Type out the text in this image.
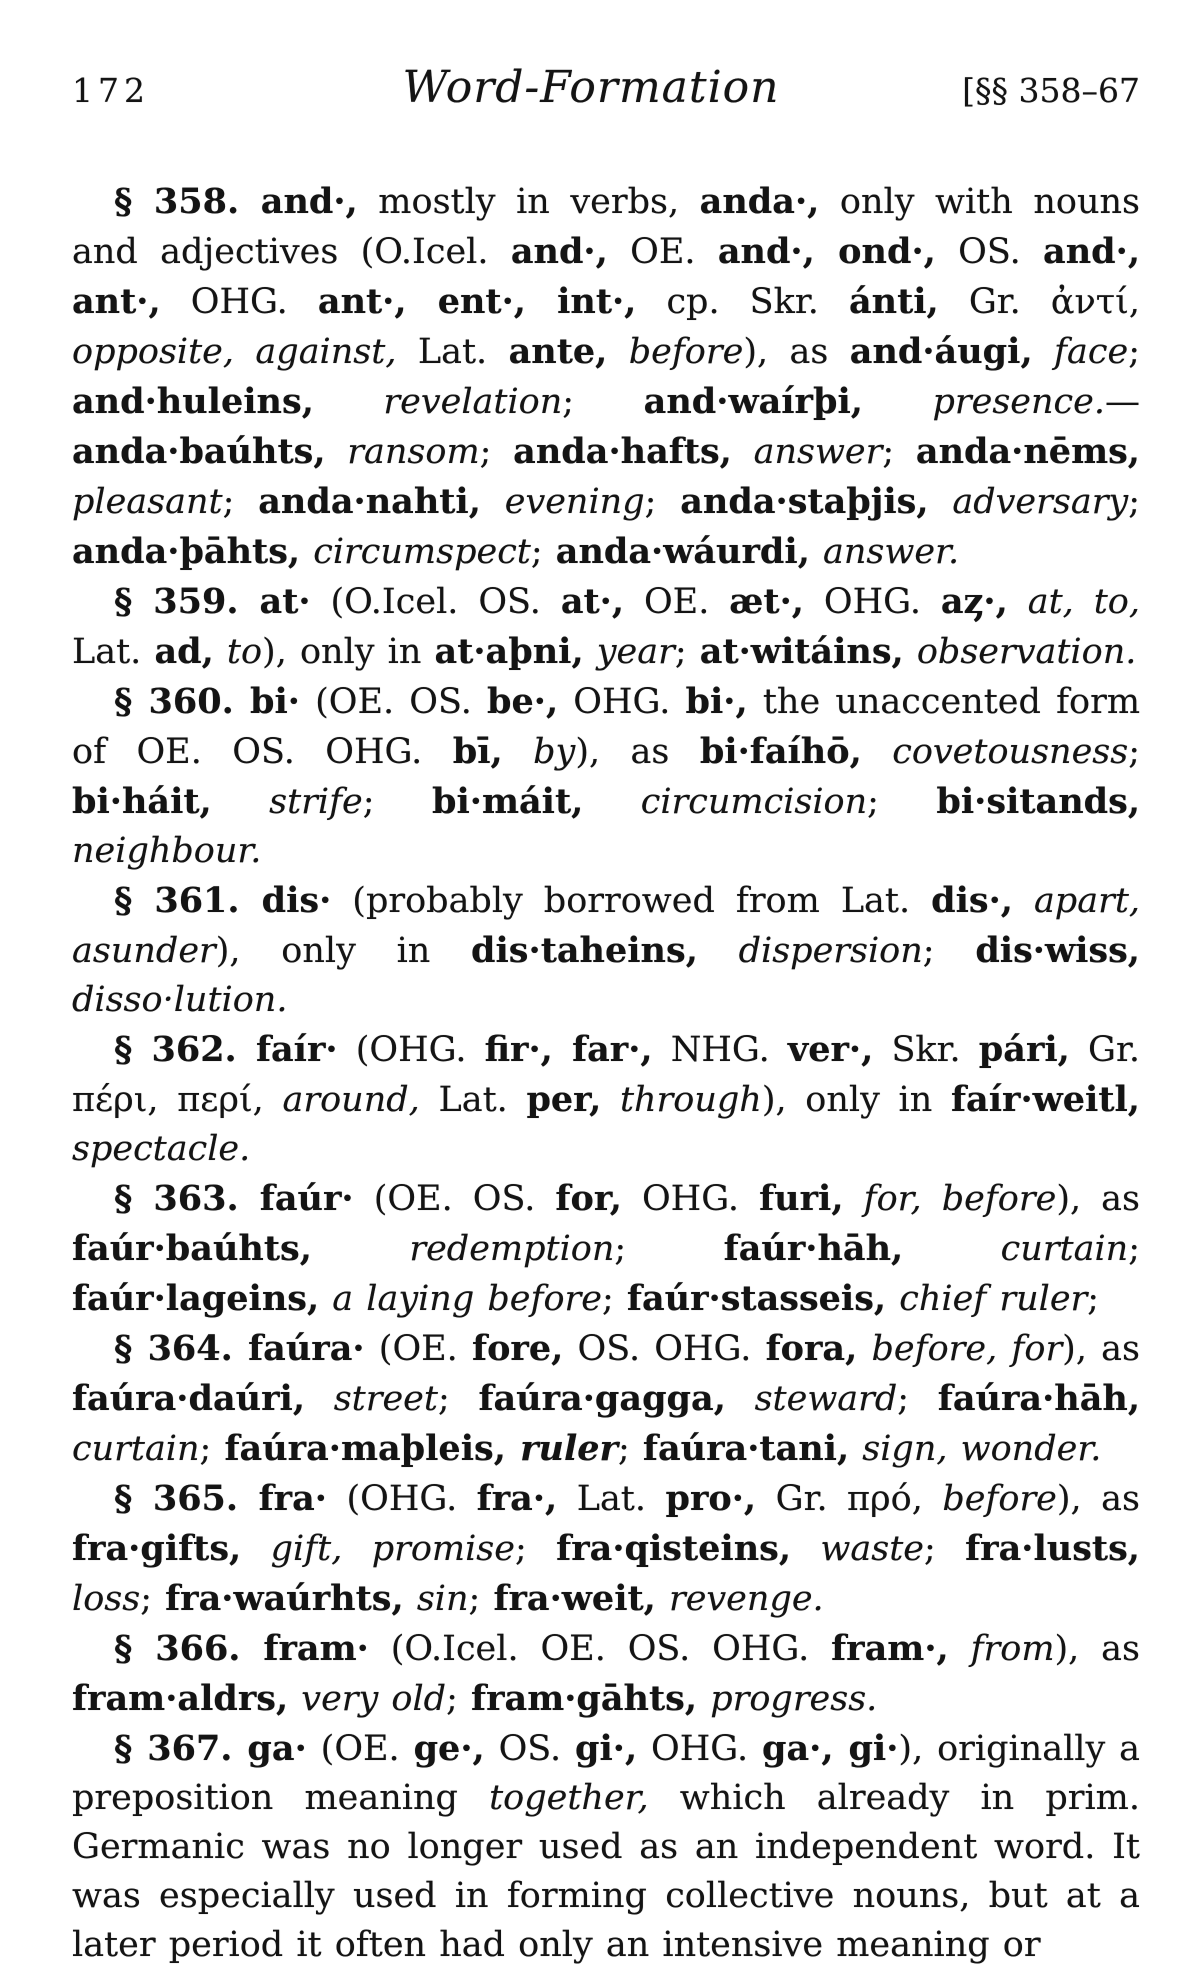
172	Word-Formation	[§§ 358–67

§ 358. and·, mostly in verbs, anda·, only with nouns and adjectives (O.Icel. and·, OE. and·, ond·, OS. and·, ant·, OHG. ant·, ent·, int·, cp. Skr. ánti, Gr. ἀντί, opposite, against, Lat. ante, before), as and·áugi, face; and·huleins, revelation; and·waírþi, presence.—anda·baúhts, ransom; anda·hafts, answer; anda·nēms, pleasant; anda·nahti, evening; anda·staþjis, adversary; anda·þāhts, circumspect; anda·wáurdi, answer.

§ 359. at· (O.Icel. OS. at·, OE. æt·, OHG. aȥ·, at, to, Lat. ad, to), only in at·aþni, year; at·witáins, observation.

§ 360. bi· (OE. OS. be·, OHG. bi·, the unaccented form of OE. OS. OHG. bī, by), as bi·faíhō, covetousness; bi·háit, strife; bi·máit, circumcision; bi·sitands, neighbour.

§ 361. dis· (probably borrowed from Lat. dis·, apart, asunder), only in dis·taheins, dispersion; dis·wiss, disso·lution.

§ 362. faír· (OHG. fir·, far·, NHG. ver·, Skr. pári, Gr. πέρι, περί, around, Lat. per, through), only in faír·weitl, spectacle.

§ 363. faúr· (OE. OS. for, OHG. furi, for, before), as faúr·baúhts, redemption; faúr·hāh, curtain; faúr·lageins, a laying before; faúr·stasseis, chief ruler;

§ 364. faúra· (OE. fore, OS. OHG. fora, before, for), as faúra·daúri, street; faúra·gagga, steward; faúra·hāh, curtain; faúra·maþleis, ruler; faúra·tani, sign, wonder.

§ 365. fra· (OHG. fra·, Lat. pro·, Gr. πρό, before), as fra·gifts, gift, promise; fra·qisteins, waste; fra·lusts, loss; fra·waúrhts, sin; fra·weit, revenge.

§ 366. fram· (O.Icel. OE. OS. OHG. fram·, from), as fram·aldrs, very old; fram·gāhts, progress.

§ 367. ga· (OE. ge·, OS. gi·, OHG. ga·, gi·), originally a preposition meaning together, which already in prim. Germanic was no longer used as an independent word. It was especially used in forming collective nouns, but at a later period it often had only an intensive meaning or
